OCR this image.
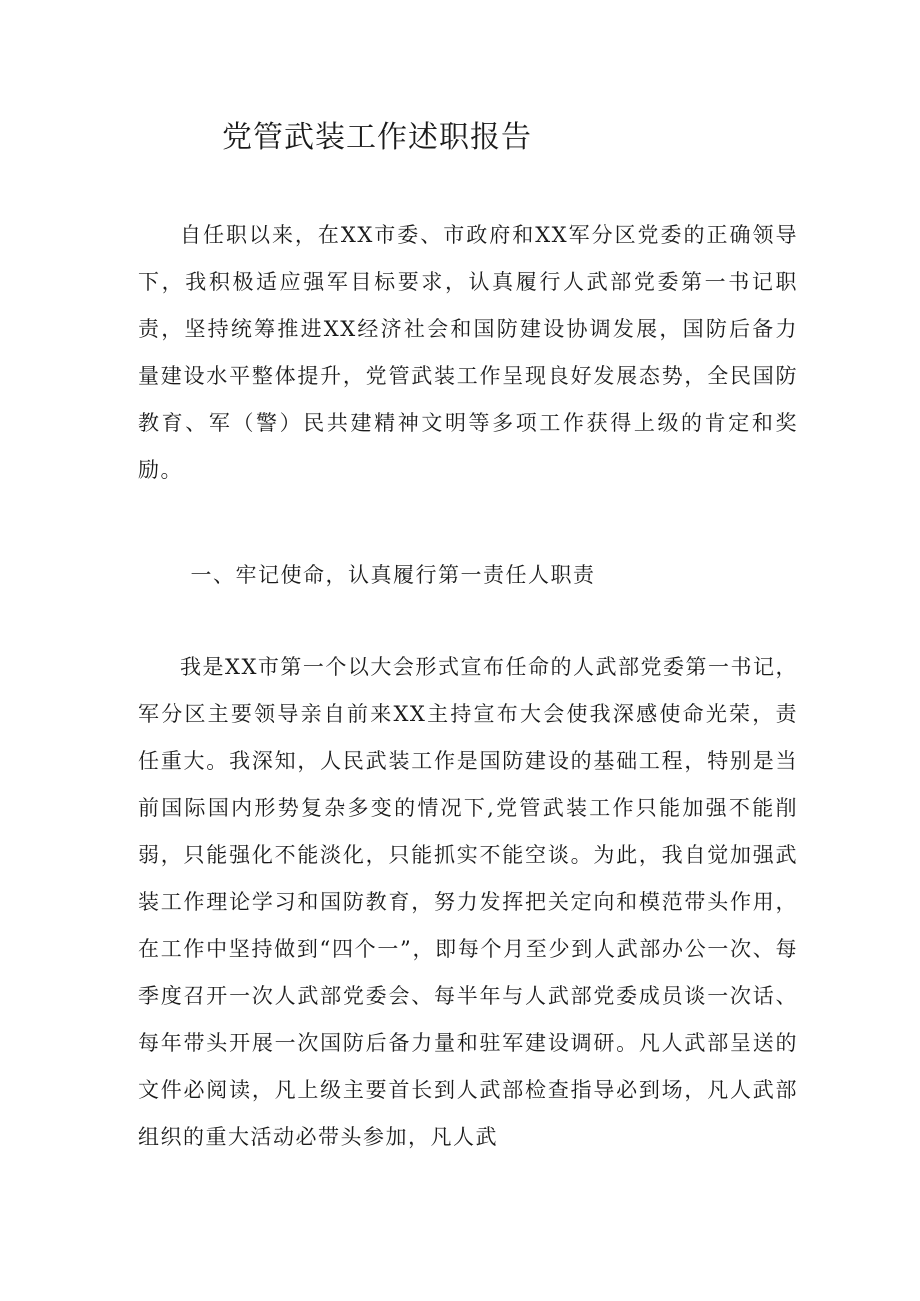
党管武装工作述职报告

自任职以来，在XX市委、市政府和XX军分区党委的正确领导下，我积极适应强军目标要求，认真履行人武部党委第一书记职责，坚持统筹推进XX经济社会和国防建设协调发展，国防后备力量建设水平整体提升，党管武装工作呈现良好发展态势，全民国防教育、军（警）民共建精神文明等多项工作获得上级的肯定和奖励。

一、牢记使命，认真履行第一责任人职责

我是XX市第一个以大会形式宣布任命的人武部党委第一书记，军分区主要领导亲自前来XX主持宣布大会使我深感使命光荣，责任重大。我深知，人民武装工作是国防建设的基础工程，特别是当前国际国内形势复杂多变的情况下,党管武装工作只能加强不能削弱，只能强化不能淡化，只能抓实不能空谈。为此，我自觉加强武装工作理论学习和国防教育，努力发挥把关定向和模范带头作用，在工作中坚持做到“四个一”，即每个月至少到人武部办公一次、每季度召开一次人武部党委会、每半年与人武部党委成员谈一次话、每年带头开展一次国防后备力量和驻军建设调研。凡人武部呈送的文件必阅读，凡上级主要首长到人武部检查指导必到场，凡人武部组织的重大活动必带头参加，凡人武
